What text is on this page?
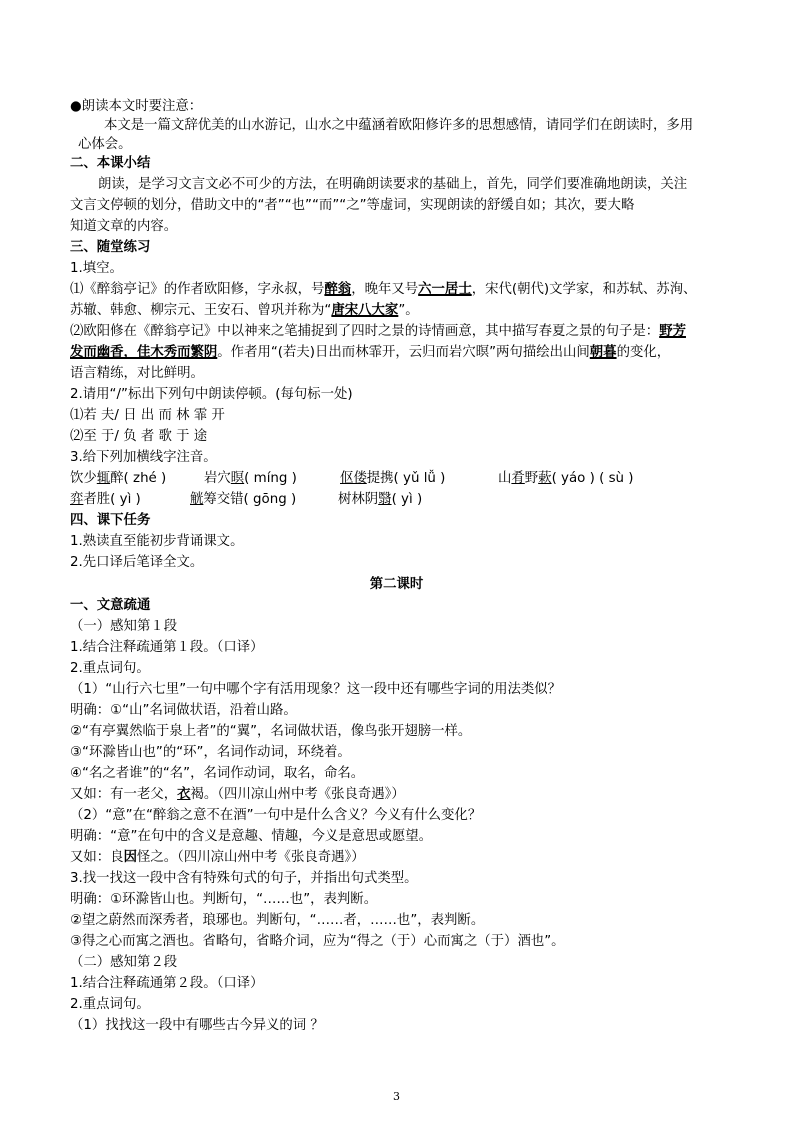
●朗读本文时要注意：
本文是一篇文辞优美的山水游记，山水之中蕴涵着欧阳修许多的思想感情，请同学们在朗读时，多用
心体会。
二、本课小结
朗读，是学习文言文必不可少的方法，在明确朗读要求的基础上，首先，同学们要准确地朗读，关注
文言文停顿的划分，借助文中的“者”“也”“而”“之”等虚词，实现朗读的舒缓自如；其次，要大略
知道文章的内容。
三、随堂练习
1.填空。
⑴《醉翁亭记》的作者欧阳修，字永叔，号醉翁，晚年又号六一居士，宋代(朝代)文学家，和苏轼、苏洵、
苏辙、韩愈、柳宗元、王安石、曾巩并称为“唐宋八大家”。
⑵欧阳修在《醉翁亭记》中以神来之笔捕捉到了四时之景的诗情画意，其中描写春夏之景的句子是：野芳
发而幽香，佳木秀而繁阴。作者用“(若夫)日出而林霏开，云归而岩穴暝”两句描绘出山间朝暮的变化，
语言精练，对比鲜明。
2.请用“/”标出下列句中朗读停顿。(每句标一处)
⑴若 夫/ 日 出 而 林 霏 开
⑵至 于/ 负 者 歌 于 途
3.给下列加横线字注音。
饮少辄醉( zhé )	岩穴暝( míng )	伛偻提携( yǔ lǚ )	山肴野蔌( yáo ) ( sù )
弈者胜( yì )	觥筹交错( gōng )	树林阴翳( yì )
四、课下任务
1.熟读直至能初步背诵课文。
2.先口译后笔译全文。
第二课时
一、文意疏通
（一）感知第１段
1.结合注释疏通第１段。（口译）
2.重点词句。
（1）“山行六七里”一句中哪个字有活用现象？这一段中还有哪些字词的用法类似？
明确：①“山”名词做状语，沿着山路。
②“有亭翼然临于泉上者”的“翼”，名词做状语，像鸟张开翅膀一样。
③“环滁皆山也”的“环”，名词作动词，环绕着。
④“名之者谁”的“名”，名词作动词，取名，命名。
又如：有一老父，衣褐。（四川凉山州中考《张良奇遇》）
（2）“意”在“醉翁之意不在酒”一句中是什么含义？今义有什么变化？
明确：“意”在句中的含义是意趣、情趣，今义是意思或愿望。
又如：良因怪之。（四川凉山州中考《张良奇遇》）
3.找一找这一段中含有特殊句式的句子，并指出句式类型。
明确：①环滁皆山也。判断句，“……也”，表判断。
②望之蔚然而深秀者，琅琊也。判断句，“……者，……也”，表判断。
③得之心而寓之酒也。省略句，省略介词，应为“得之（于）心而寓之（于）酒也”。
（二）感知第２段
1.结合注释疏通第２段。（口译）
2.重点词句。
（1）找找这一段中有哪些古今异义的词 ？
3
